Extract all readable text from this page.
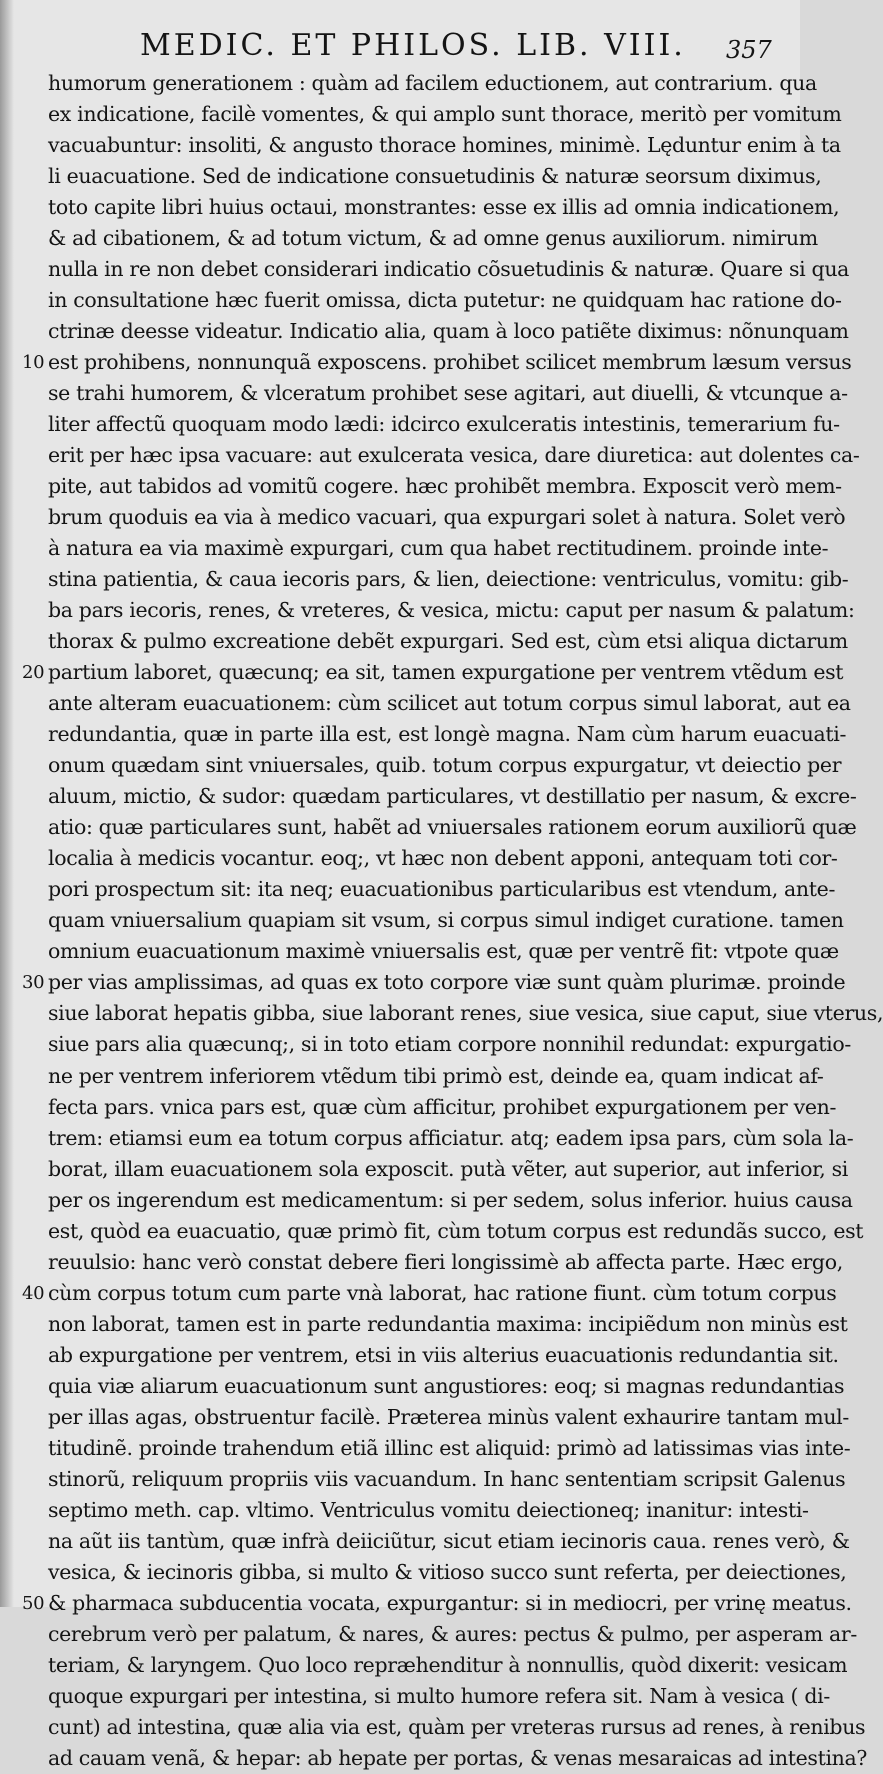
MEDIC. ET PHILOS. LIB. VIII. 357
humorum generationem : quàm ad facilem eductionem, aut contrarium. qua
ex indicatione, facilè vomentes, & qui amplo sunt thorace, meritò per vomitum
vacuabuntur: insoliti, & angusto thorace homines, minimè. Lęduntur enim à ta
li euacuatione. Sed de indicatione consuetudinis & naturæ seorsum diximus,
toto capite libri huius octaui, monstrantes: esse ex illis ad omnia indicationem,
& ad cibationem, & ad totum victum, & ad omne genus auxiliorum. nimirum
nulla in re non debet considerari indicatio cõsuetudinis & naturæ. Quare si qua
in consultatione hæc fuerit omissa, dicta putetur: ne quidquam hac ratione do-
ctrinæ deesse videatur. Indicatio alia, quam à loco patiẽte diximus: nõnunquam
10 est prohibens, nonnunquã exposcens. prohibet scilicet membrum læsum versus
se trahi humorem, & vlceratum prohibet sese agitari, aut diuelli, & vtcunque a-
liter affectũ quoquam modo lædi: idcirco exulceratis intestinis, temerarium fu-
erit per hæc ipsa vacuare: aut exulcerata vesica, dare diuretica: aut dolentes ca-
pite, aut tabidos ad vomitũ cogere. hæc prohibẽt membra. Exposcit verò mem-
brum quoduis ea via à medico vacuari, qua expurgari solet à natura. Solet verò
à natura ea via maximè expurgari, cum qua habet rectitudinem. proinde inte-
stina patientia, & caua iecoris pars, & lien, deiectione: ventriculus, vomitu: gib-
ba pars iecoris, renes, & vreteres, & vesica, mictu: caput per nasum & palatum:
thorax & pulmo excreatione debẽt expurgari. Sed est, cùm etsi aliqua dictarum
20 partium laboret, quæcunq; ea sit, tamen expurgatione per ventrem vtẽdum est
ante alteram euacuationem: cùm scilicet aut totum corpus simul laborat, aut ea
redundantia, quæ in parte illa est, est longè magna. Nam cùm harum euacuati-
onum quædam sint vniuersales, quib. totum corpus expurgatur, vt deiectio per
aluum, mictio, & sudor: quædam particulares, vt destillatio per nasum, & excre-
atio: quæ particulares sunt, habẽt ad vniuersales rationem eorum auxiliorũ quæ
localia à medicis vocantur. eoq;, vt hæc non debent apponi, antequam toti cor-
pori prospectum sit: ita neq; euacuationibus particularibus est vtendum, ante-
quam vniuersalium quapiam sit vsum, si corpus simul indiget curatione. tamen
omnium euacuationum maximè vniuersalis est, quæ per ventrẽ fit: vtpote quæ
30 per vias amplissimas, ad quas ex toto corpore viæ sunt quàm plurimæ. proinde
siue laborat hepatis gibba, siue laborant renes, siue vesica, siue caput, siue vterus,
siue pars alia quæcunq;, si in toto etiam corpore nonnihil redundat: expurgatio-
ne per ventrem inferiorem vtẽdum tibi primò est, deinde ea, quam indicat af-
fecta pars. vnica pars est, quæ cùm afficitur, prohibet expurgationem per ven-
trem: etiamsi eum ea totum corpus afficiatur. atq; eadem ipsa pars, cùm sola la-
borat, illam euacuationem sola exposcit. putà vẽter, aut superior, aut inferior, si
per os ingerendum est medicamentum: si per sedem, solus inferior. huius causa
est, quòd ea euacuatio, quæ primò fit, cùm totum corpus est redundãs succo, est
reuulsio: hanc verò constat debere fieri longissimè ab affecta parte. Hæc ergo,
40 cùm corpus totum cum parte vnà laborat, hac ratione fiunt. cùm totum corpus
non laborat, tamen est in parte redundantia maxima: incipiẽdum non minùs est
ab expurgatione per ventrem, etsi in viis alterius euacuationis redundantia sit.
quia viæ aliarum euacuationum sunt angustiores: eoq; si magnas redundantias
per illas agas, obstruentur facilè. Præterea minùs valent exhaurire tantam mul-
titudinẽ. proinde trahendum etiã illinc est aliquid: primò ad latissimas vias inte-
stinorũ, reliquum propriis viis vacuandum. In hanc sententiam scripsit Galenus
septimo meth. cap. vltimo. Ventriculus vomitu deiectioneq; inanitur: intesti-
na aũt iis tantùm, quæ infrà deiiciũtur, sicut etiam iecinoris caua. renes verò, &
vesica, & iecinoris gibba, si multo & vitioso succo sunt referta, per deiectiones,
50 & pharmaca subducentia vocata, expurgantur: si in mediocri, per vrinę meatus.
cerebrum verò per palatum, & nares, & aures: pectus & pulmo, per asperam ar-
teriam, & laryngem. Quo loco repræhenditur à nonnullis, quòd dixerit: vesicam
quoque expurgari per intestina, si multo humore refera sit. Nam à vesica ( di-
cunt) ad intestina, quæ alia via est, quàm per vreteras rursus ad renes, à renibus
ad cauam venã, & hepar: ab hepate per portas, & venas mesaraicas ad intestina?
